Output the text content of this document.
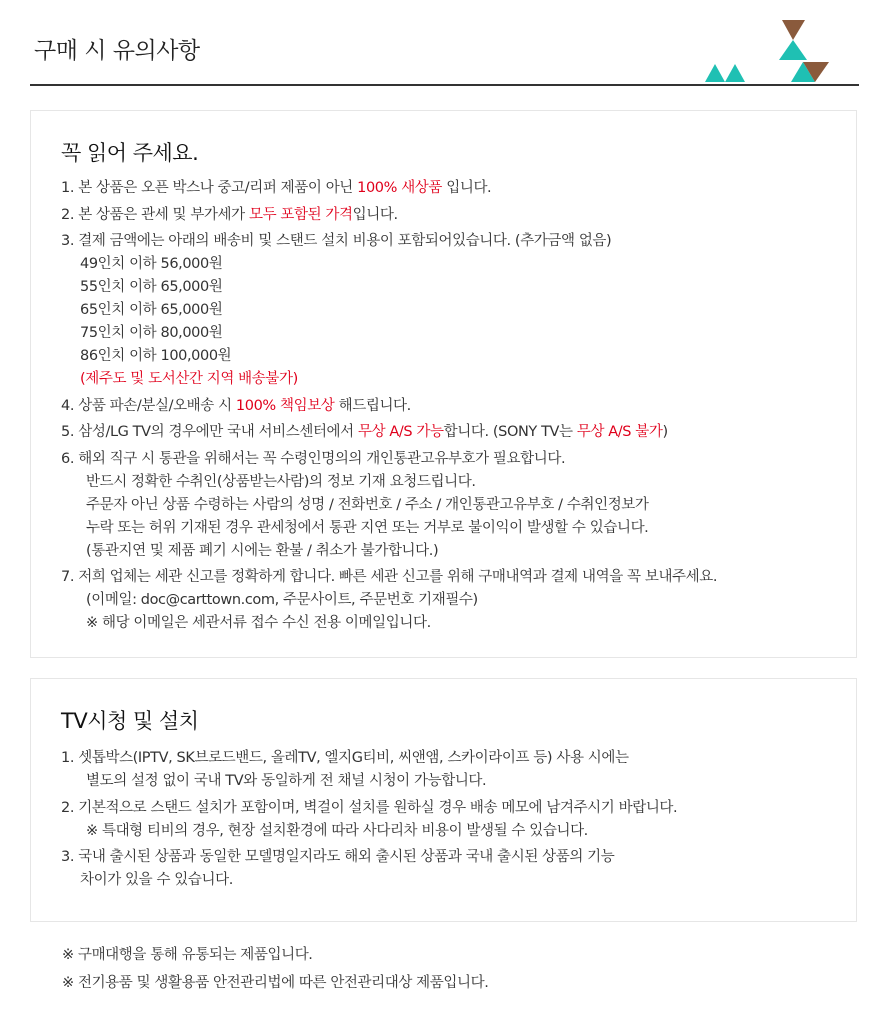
구매 시 유의사항
꼭 읽어 주세요.
1. 본 상품은 오픈 박스나 중고/리퍼 제품이 아닌 100% 새상품 입니다.
2. 본 상품은 관세 및 부가세가 모두 포함된 가격입니다.
3. 결제 금액에는 아래의 배송비 및 스탠드 설치 비용이 포함되어있습니다. (추가금액 없음)
49인치 이하 56,000원
55인치 이하 65,000원
65인치 이하 65,000원
75인치 이하 80,000원
86인치 이하 100,000원
(제주도 및 도서산간 지역 배송불가)
4. 상품 파손/분실/오배송 시 100% 책임보상 해드립니다.
5. 삼성/LG TV의 경우에만 국내 서비스센터에서 무상 A/S 가능합니다. (SONY TV는 무상 A/S 불가)
6. 해외 직구 시 통관을 위해서는 꼭 수령인명의의 개인통관고유부호가 필요합니다.
반드시 정확한 수취인(상품받는사람)의 정보 기재 요청드립니다.
주문자 아닌 상품 수령하는 사람의 성명 / 전화번호 / 주소 / 개인통관고유부호 / 수취인정보가
누락 또는 허위 기재된 경우 관세청에서 통관 지연 또는 거부로 불이익이 발생할 수 있습니다.
(통관지연 및 제품 폐기 시에는 환불 / 취소가 불가합니다.)
7. 저희 업체는 세관 신고를 정확하게 합니다. 빠른 세관 신고를 위해 구매내역과 결제 내역을 꼭 보내주세요.
(이메일: doc@carttown.com, 주문사이트, 주문번호 기재필수)
※ 해당 이메일은 세관서류 접수 수신 전용 이메일입니다.
TV시청 및 설치
1. 셋톱박스(IPTV, SK브로드밴드, 올레TV, 엘지G티비, 씨앤앰, 스카이라이프 등) 사용 시에는
별도의 설정 없이 국내 TV와 동일하게 전 채널 시청이 가능합니다.
2. 기본적으로 스탠드 설치가 포함이며, 벽걸이 설치를 원하실 경우 배송 메모에 남겨주시기 바랍니다.
※ 특대형 티비의 경우, 현장 설치환경에 따라 사다리차 비용이 발생될 수 있습니다.
3. 국내 출시된 상품과 동일한 모델명일지라도 해외 출시된 상품과 국내 출시된 상품의 기능
차이가 있을 수 있습니다.
※ 구매대행을 통해 유통되는 제품입니다.
※ 전기용품 및 생활용품 안전관리법에 따른 안전관리대상 제품입니다.
